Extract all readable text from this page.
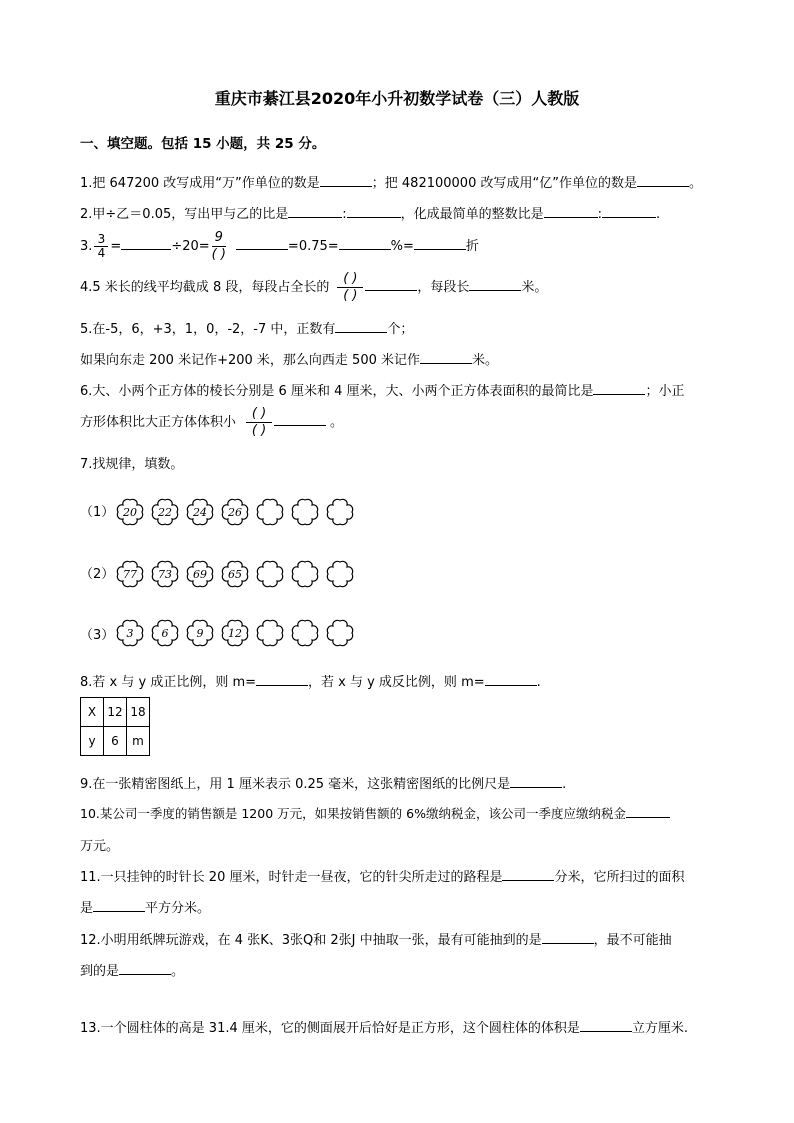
重庆市綦江县2020年小升初数学试卷（三）人教版
一、填空题。包括 15 小题，共 25 分。
1.把 647200 改写成用“万”作单位的数是	；把 482100000 改写成用“亿”作单位的数是	。
2.甲÷乙＝0.05，写出甲与乙的比是	:	，化成最简单的整数比是	:	.
3. $\frac{3}{4}$ =	$\div 20= \frac{9}{( )}$	=0.75=	%=	折
4.5 米长的线平均截成 8 段，每段占全长的 $\frac{( )}{( )}$	，每段长	米。
5.在-5，6，+3，1，0，-2，-7 中，正数有	个；
如果向东走 200 米记作+200 米，那么向西走 500 米记作	米。
6.大、小两个正方体的棱长分别是 6 厘米和 4 厘米，大、小两个正方体表面积的最简比是	；小正
方形体积比大正方体体积小 $\frac{( )}{( )}$	。
7.找规律，填数。
（1） 20	22	24	26
（2） 77	73	69	65
（3）	3	6	9	12
8.若 x 与 y 成正比例，则 m=	，若 x 与 y 成反比例，则 m=	.
X	12	18
y	6	m
9.在一张精密图纸上，用 1 厘米表示 0.25 毫米，这张精密图纸的比例尺是	.
10.某公司一季度的销售额是 1200 万元，如果按销售额的 6%缴纳税金，该公司一季度应缴纳税金
万元。
11.一只挂钟的时针长 20 厘米，时针走一昼夜，它的针尖所走过的路程是	分米，它所扫过的面积
是	平方分米。
12.小明用纸牌玩游戏，在 4 张K、3张Q和 2张J 中抽取一张，最有可能抽到的是	，最不可能抽
到的是	。
13.一个圆柱体的高是 31.4 厘米，它的侧面展开后恰好是正方形，这个圆柱体的体积是	立方厘米.
